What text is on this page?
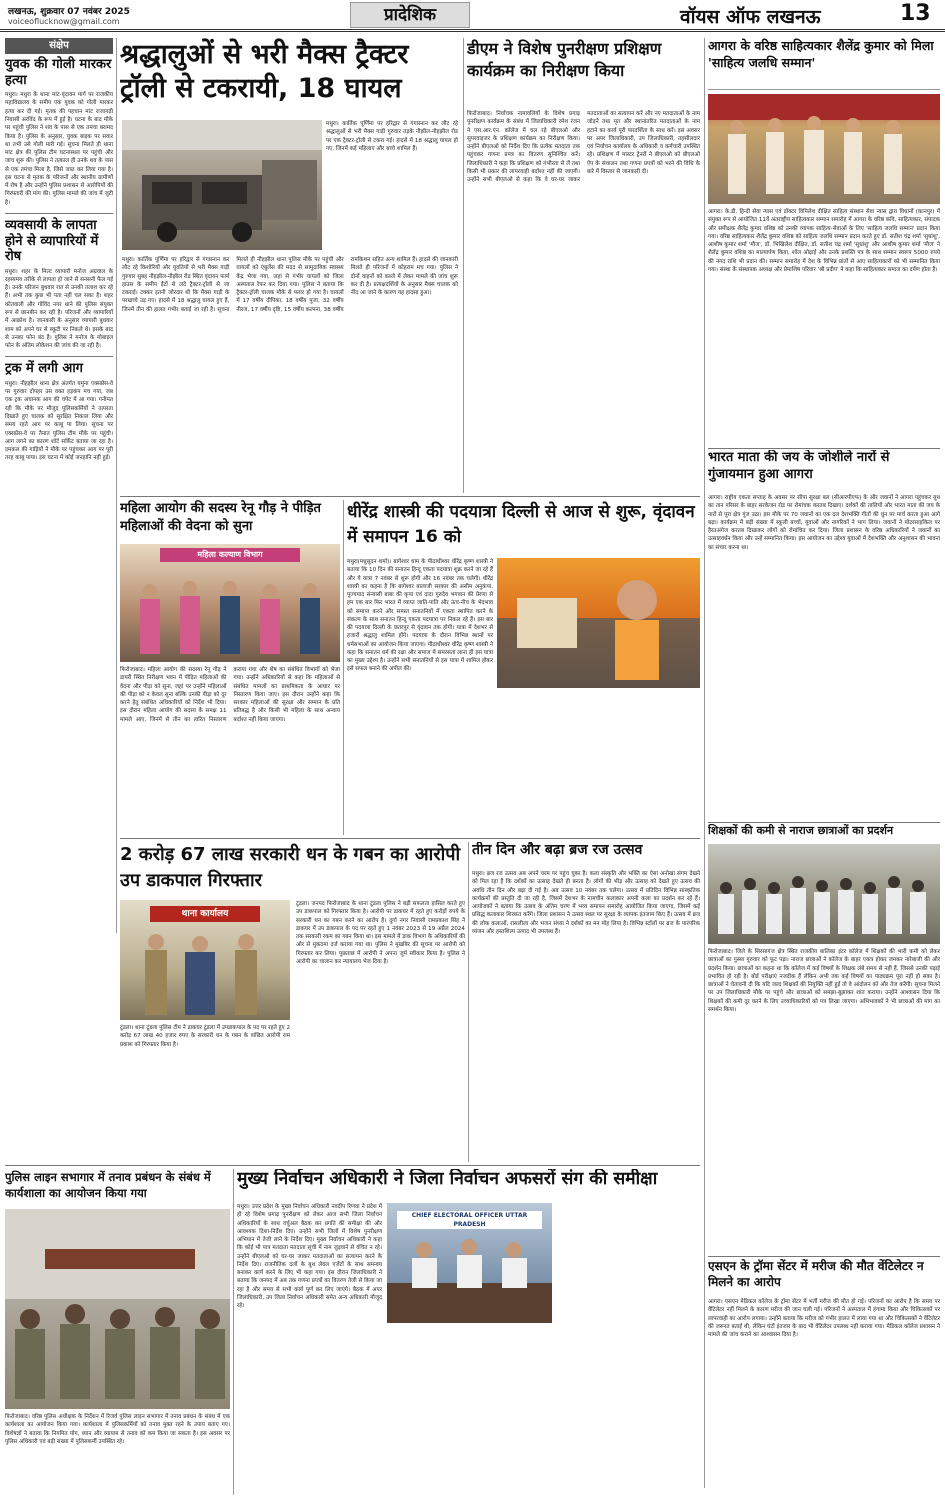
लखनऊ, शुक्रवार 07 नवंबर 2025
voiceoflucknow@gmail.com	प्रादेशिक	वॉयस ऑफ लखनऊ	13
संक्षेप
युवक की गोली मारकर हत्या
मथुरा। मथुरा के थाना मांट-वृंदावन मार्ग पर राजकीय महाविद्यालय के समीप एक युवक को गोली मारकर हत्या कर दी गई। मृतक की पहचान मांट राजागढ़ी निवासी अरविंद के रूप में हुई है। घटना के बाद मौके पर पहुंची पुलिस ने शव के पास से एक तमंचा बरामद किया है। पुलिस के अनुसार, युवक बाइक पर सवार था तभी उसे गोली मारी गई। सूचना मिलते ही थाना मांट क्षेत्र की पुलिस टीम घटनास्थल पर पहुंची और जांच शुरू की। पुलिस ने तत्काल ही उनके शव के पास से एक तमंचा मिला है, जिसे जब्त कर लिया गया है। इस घटना से मृतक के परिजनों और स्थानीय ग्रामीणों में रोष है और उन्होंने पुलिस प्रशासन से आरोपियों की गिरफ्तारी की मांग की। पुलिस मामले की जांच में जुटी है।
व्यवसायी के लापता होने से व्यापारियों में रोष
मथुरा। शहर के मिल्ट व्यापारी मनोज अग्रवाल के रहस्यमय तरीके से लापता हो जाने से सनसनी फैल गई है। उनके परिजन बुधवार रात से उनकी तलाश कर रहे हैं। अभी तक कुछ भी पता नहीं चल सका है। शहर कोतवाली और गोविंद नगर थाने की पुलिस संयुक्त रूप से छानबीन कर रही है। परिजनों और व्यापारियों में आक्रोश है। जानकारी के अनुसार व्यापारी बुधवार शाम को अपने घर से स्कूटी पर निकले थे। इसके बाद से उनका फोन बंद है। पुलिस ने मनोज के मोबाइल फोन के अंतिम लोकेशन की जांच की जा रही है।
ट्रक में लगी आग
मथुरा। नौहझील थाना क्षेत्र अंतर्गत यमुना एक्सप्रेस-वे पर गुरुवार दोपहर उस वक्त हड़कंप मच गया, जब एक ट्रक अचानक आग की चपेट में आ गया। गनीमत रही कि मौके पर मौजूद पुलिसकर्मियों ने तत्परता दिखाते हुए चालक को सुरक्षित निकाल लिया और समय रहते आग पर काबू पा लिया। सूचना पर एक्सप्रेस-वे पर तैनात पुलिस टीम मौके पर पहुंची। आग लगने का कारण शॉर्ट सर्किट बताया जा रहा है। दमकल की गाड़ियों ने मौके पर पहुंचकर आग पर पूरी तरह काबू पाया। इस घटना में कोई जनहानि नहीं हुई।
श्रद्धालुओं से भरी मैक्स ट्रैक्टर ट्रॉली से टकरायी, 18 घायल
मथुरा। कार्तिक पूर्णिमा पर हरिद्वार से गंगास्नान कर लौट रहे श्रद्धालुओं से भरी मैक्स गाड़ी गुरुवार तड़के नौझील-नौहझील रोड पर एक ट्रैक्टर-ट्रॉली से टकरा गई। हादसे में 18 श्रद्धालु घायल हो गए, जिनमें कई महिलाएं और बच्चे शामिल हैं।
मथुरा। कार्तिक पूर्णिमा पर हरिद्वार से गंगास्नान कर लौट रहे किशोरियों और युवतियों से भरी मैक्स गाड़ी गुरुवार सुबह नौहझील-नौझील रोड स्थित वृंदावन फार्म हाउस के समीप ईंटों से लदे ट्रैक्टर-ट्रॉली से जा टकराई। टक्कर इतनी जोरदार थी कि मैक्स गाड़ी के परखच्चे उड़ गए। हादसे में 18 श्रद्धालु घायल हुए हैं, जिनमें तीन की हालत गंभीर बताई जा रही है। सूचना मिलते ही नौहझील थाना पुलिस मौके पर पहुंची और घायलों को एंबुलेंस की मदद से सामुदायिक स्वास्थ्य केंद्र भेजा गया, जहां से गंभीर घायलों को जिला अस्पताल रेफर कर दिया गया। पुलिस ने बताया कि ट्रैक्टर-ट्रॉली चालक मौके से फरार हो गया है। घायलों में 17 वर्षीय दीपिका, 18 वर्षीय पूजा, 32 वर्षीय नीरज, 17 वर्षीय दृष्टि, 15 वर्षीय कल्पना, 38 वर्षीय रामकिशन सहित अन्य शामिल हैं। हादसे की जानकारी मिलते ही परिजनों में कोहराम मच गया। पुलिस ने दोनों वाहनों को कब्जे में लेकर मामले की जांच शुरू कर दी है। प्रत्यक्षदर्शियों के अनुसार मैक्स चालक को नींद आ जाने के कारण यह हादसा हुआ।
डीएम ने विशेष पुनरीक्षण प्रशिक्षण कार्यक्रम का निरीक्षण किया
फिरोजाबाद। निर्वाचक नामावलियों के विशेष प्रगाढ़ पुनरीक्षण कार्यक्रम के संबंध में जिलाधिकारी रमेश रंजन ने एस.आर.एन. कॉलेज में चल रहे बीएलओ और सुपरवाइजर के प्रशिक्षण कार्यक्रम का निरीक्षण किया। उन्होंने बीएलओ को निर्देश दिए कि प्रत्येक मतदाता तक पहुंचकर गणना प्रपत्र का वितरण सुनिश्चित करें। जिलाधिकारी ने कहा कि प्रशिक्षण को गंभीरता से लें तथा किसी भी प्रकार की लापरवाही बर्दाश्त नहीं की जाएगी। उन्होंने सभी बीएलओ से कहा कि वे घर-घर जाकर मतदाताओं का सत्यापन करें और नए मतदाताओं के नाम जोड़ने तथा मृत और स्थानांतरित मतदाताओं के नाम हटाने का कार्य पूरी पारदर्शिता के साथ करें। इस अवसर पर अपर जिलाधिकारी, उप जिलाधिकारी, तहसीलदार एवं निर्वाचन कार्यालय के अधिकारी व कर्मचारी उपस्थित रहे। प्रशिक्षण में मास्टर ट्रेनरों ने बीएलओ को बीएलओ ऐप के संचालन तथा गणना प्रपत्रों को भरने की विधि के बारे में विस्तार से जानकारी दी।
आगरा के वरिष्ठ साहित्यकार शैलेंद्र कुमार को मिला 'साहित्य जलधि सम्मान'
आगरा। के.डी. हिन्दी सेवा न्यास एवं डॉक्टर विपिलेश दीक्षित साहित्य संस्थान सेवा न्यास द्वारा विधानों (कानपुर) में संयुक्त रूप से आयोजित 11वें अंतराष्ट्रीय साहित्यकार सम्मान समारोह में आगरा के वरिष्ठ कवि, साहित्यकार, संपादक और समीक्षक शैलेंद्र कुमार वशिष्ठ को उनकी व्यापक साहित्य-सेवाओं के लिए 'साहित्य जलधि सम्मान' प्रदान किया गया। वरिष्ठ साहित्यकार शैलेंद्र कुमार वशिष्ठ को साहित्य जलधि सम्मान प्रदान करते हुए डॉ. सतीश चंद्र शर्मा 'सुधांशु', आशीष कुमार शर्मा 'मौज', डॉ. भिखिलेश दीक्षित, डॉ. सतीश चंद्र शर्मा 'सुधांशु' और आशीष कुमार शर्मा 'मौज' ने शैलेंद्र कुमार वशिष्ठ का माल्यार्पण किया, शॉल ओढ़ाई और उनके प्रशस्ति पत्र के साथ सम्मान स्वरूप 5000 रुपये की नगद राशि भी प्रदान की। सम्मान समारोह में देश के विभिन्न प्रांतों से आए साहित्यकारों को भी सम्मानित किया गया। संस्था के संस्थापक अध्यक्ष और प्रेमाशिष परिवार 'श्री प्रदीप' ने कहा कि साहित्यकार समाज का दर्पण होता है।
भारत माता की जय के जोशीले नारों से गुंजायमान हुआ आगरा
आगरा। राष्ट्रीय एकता सप्ताह के अवसर पर सीपा सुरक्षा बल (सीआरपीएफ) के और जवानों ने आगरा पहुंचकर यूथ का तान परिसर के बाहर सरकेजन रोड पर रोमांचक करतब दिखाए। दर्शकों की तालियों और भारत माता की जय के नारों से पूरा क्षेत्र गूंज उठा। इस मौके पर 70 जवानों का एक दल देशभक्ति गीतों की धुन पर मार्च करता हुआ आगे बढ़ा। कार्यक्रम में बड़ी संख्या में स्कूली बच्चों, युवाओं और नागरिकों ने भाग लिया। जवानों ने मोटरसाइकिल पर हैरतअंगेज करतब दिखाकर लोगों को रोमांचित कर दिया। जिला प्रशासन के वरिष्ठ अधिकारियों ने जवानों का उत्साहवर्धन किया और उन्हें सम्मानित किया। इस आयोजन का उद्देश्य युवाओं में देशभक्ति और अनुशासन की भावना का संचार करना था।
शिक्षकों की कमी से नाराज छात्राओं का प्रदर्शन
फिरोजाबाद। जिले के सिरसागंज क्षेत्र स्थित राजकीय बालिका इंटर कॉलेज में शिक्षकों की भारी कमी को लेकर छात्राओं का गुस्सा गुरुवार को फूट पड़ा। नाराज छात्राओं ने कॉलेज के बाहर एकत्र होकर जमकर नारेबाजी की और प्रदर्शन किया। छात्राओं का कहना था कि कॉलेज में कई विषयों के शिक्षक लंबे समय से नहीं हैं, जिससे उनकी पढ़ाई प्रभावित हो रही है। बोर्ड परीक्षाएं नजदीक हैं लेकिन अभी तक कई विषयों का पाठ्यक्रम पूरा नहीं हो सका है। छात्राओं ने चेतावनी दी कि यदि जल्द शिक्षकों की नियुक्ति नहीं हुई तो वे आंदोलन को और तेज करेंगी। सूचना मिलने पर उप जिलाधिकारी मौके पर पहुंचे और छात्राओं को समझा-बुझाकर शांत कराया। उन्होंने आश्वासन दिया कि शिक्षकों की कमी दूर करने के लिए उच्चाधिकारियों को पत्र लिखा जाएगा। अभिभावकों ने भी छात्राओं की मांग का समर्थन किया।
एसएन के ट्रॉमा सेंटर में मरीज की मौत वेंटिलेटर न मिलने का आरोप
आगरा। एसएन मेडिकल कॉलेज के ट्रॉमा सेंटर में भर्ती मरीज की मौत हो गई। परिजनों का आरोप है कि समय पर वेंटिलेटर नहीं मिलने के कारण मरीज की जान चली गई। परिजनों ने अस्पताल में हंगामा किया और चिकित्सकों पर लापरवाही का आरोप लगाया। उन्होंने बताया कि मरीज को गंभीर हालत में लाया गया था और चिकित्सकों ने वेंटिलेटर की जरूरत बताई थी, लेकिन घंटों इंतजार के बाद भी वेंटिलेटर उपलब्ध नहीं कराया गया। मेडिकल कॉलेज प्रशासन ने मामले की जांच कराने का आश्वासन दिया है।
महिला आयोग की सदस्य रेनू गौड़ ने पीड़ित महिलाओं की वेदना को सुना
महिला कल्याण विभाग
फिरोजाबाद। महिला आयोग की सदस्या रेनू गौड़ ने डायरी स्थित निरीक्षण भवन में पीड़ित महिलाओं की वेदना और पीड़ा को सुना, जहां पर उन्होंने महिलाओं की पीड़ा को न केवल सुना बल्कि उनकी पीड़ा को दूर करने हेतु संबंधित अधिकारियों को निर्देश भी दिया। इस दौरान महिला आयोग की सदस्य के समक्ष 11 मामले आए, जिनमें से तीन का त्वरित निस्तारण कराया गया और शेष का संबंधित विभागों को भेजा गया। उन्होंने अधिकारियों से कहा कि महिलाओं से संबंधित मामलों का प्राथमिकता के आधार पर निस्तारण किया जाए। इस दौरान उन्होंने कहा कि सरकार महिलाओं की सुरक्षा और सम्मान के प्रति प्रतिबद्ध है और किसी भी महिला के साथ अन्याय बर्दाश्त नहीं किया जाएगा।
धीरेंद्र शास्त्री की पदयात्रा दिल्ली से आज से शुरू, वृंदावन में समापन 16 को
मथुरा(मधुसूदन शर्मा)। बागेश्वर धाम के पीठाधीश्वर धीरेंद्र कृष्ण शास्त्री ने बताया कि 10 दिन की सनातन हिन्दू एकता पदयात्रा शुक्र करने जा रहे हैं और ये यात्रा 7 नवंबर से शुरू होगी और 16 नवंबर तक चलेगी। धीरेंद्र शास्त्री का कहना है कि बागेश्वर बालाजी सरकार की असीम अनुकंपा, पूज्यपाद संन्यासी बाबा की कृपा एवं दादा गुरुदेव भगवान की प्रेरणा से हम एक बार फिर भारत में व्याप्त जाति-पाति और ऊंच-नीच के भेदभाव को समाप्त करने और समस्त सनातनियों में एकता स्थापित करने के संकल्प के साथ सनातन हिन्दू एकता पदयात्रा पर निकल रहे हैं। इस बार की पदयात्रा दिल्ली के छतरपुर से वृंदावन तक होगी। यात्रा में देशभर से हजारों श्रद्धालु शामिल होंगे। पदयात्रा के दौरान विभिन्न स्थानों पर धर्मसभाओं का आयोजन किया जाएगा। पीठाधीश्वर धीरेंद्र कृष्ण शास्त्री ने कहा कि सनातन धर्म की रक्षा और समाज में समरसता लाना ही इस यात्रा का मुख्य उद्देश्य है। उन्होंने सभी सनातनियों से इस यात्रा में शामिल होकर इसे सफल बनाने की अपील की।
2 करोड़ 67 लाख सरकारी धन के गबन का आरोपी उप डाकपाल गिरफ्तार
थाना कार्यालय
टूंडला। थाना टूंडला पुलिस टीम ने डाकघर टूंडला में उपडाकपाल के पद पर रहते हुए 2 करोड़ 67 लाख 40 हजार रुपए के सरकारी धन के गबन के वांछित आरोपी राम प्रकाश को गिरफ्तार किया है।
टूंडला। जनपद फिरोजाबाद के थाना टूंडला पुलिस ने बड़ी सफलता हासिल करते हुए उप डाकपाल को गिरफ्तार किया है। आरोपी पर डाकघर में रहते हुए करोड़ों रुपये के सरकारी धन का गबन करने का आरोप है। दुर्गा नगर निवासी रामप्रकाश सिंह ने डाकघर में उप डाकपाल के पद पर रहते हुए 1 नवंबर 2023 से 19 अप्रैल 2024 तक सरकारी रकम का गबन किया था। इस मामले में डाक विभाग के अधिकारियों की ओर से मुकदमा दर्ज कराया गया था। पुलिस ने मुखबिर की सूचना पर आरोपी को गिरफ्तार कर लिया। पूछताछ में आरोपी ने अपना जुर्म स्वीकार किया है। पुलिस ने आरोपी का चालान कर न्यायालय भेज दिया है।
तीन दिन और बढ़ा ब्रज रज उत्सव
मथुरा। ब्रज रज उत्सव अब अपने चरम पर पहुंच चुका है। कला संस्कृति और भक्ति का ऐसा अनोखा संगम देखने को मिल रहा है कि दर्शकों का उत्साह देखते ही बनता है। लोगों की भीड़ और उत्साह को देखते हुए उत्सव की अवधि तीन दिन और बढ़ा दी गई है। अब उत्सव 10 नवंबर तक चलेगा। उत्सव में प्रतिदिन विभिन्न सांस्कृतिक कार्यक्रमों की प्रस्तुति दी जा रही है, जिसमें देशभर के नामचीन कलाकार अपनी कला का प्रदर्शन कर रहे हैं। आयोजकों ने बताया कि उत्सव के अंतिम चरण में भव्य समापन समारोह आयोजित किया जाएगा, जिसमें कई प्रसिद्ध कलाकार शिरकत करेंगे। जिला प्रशासन ने उत्सव स्थल पर सुरक्षा के व्यापक इंतजाम किए हैं। उत्सव में ब्रज की लोक कलाओं, रासलीला और भजन संध्या ने दर्शकों का मन मोह लिया है। विभिन्न स्टॉलों पर ब्रज के पारंपरिक व्यंजन और हस्तशिल्प उत्पाद भी उपलब्ध हैं।
पुलिस लाइन सभागार में तनाव प्रबंधन के संबंध में कार्यशाला का आयोजन किया गया
फिरोजाबाद। वरिष्ठ पुलिस अधीक्षक के निर्देशन में रिजर्व पुलिस लाइन सभागार में तनाव प्रबंधन के संबंध में एक कार्यशाला का आयोजन किया गया। कार्यशाला में पुलिसकर्मियों को तनाव मुक्त रहने के उपाय बताए गए। विशेषज्ञों ने बताया कि नियमित योग, ध्यान और व्यायाम से तनाव को कम किया जा सकता है। इस अवसर पर पुलिस अधिकारी एवं बड़ी संख्या में पुलिसकर्मी उपस्थित रहे।
मुख्य निर्वाचन अधिकारी ने जिला निर्वाचन अफसरों संग की समीक्षा
CHIEF ELECTORAL OFFICER UTTAR PRADESH
मथुरा। उत्तर प्रदेश के मुख्य निर्वाचन अधिकारी नवदीप रिणवा ने प्रदेश में हो रहे विशेष प्रगाढ़ पुनरीक्षण को लेकर आज सभी जिला निर्वाचन अधिकारियों के साथ वर्चुअल बैठक कर प्रगति की समीक्षा की और आवश्यक दिशा-निर्देश दिए। उन्होंने सभी जिलों में विशेष पुनरीक्षण अभियान में तेजी लाने के निर्देश दिए। मुख्य निर्वाचन अधिकारी ने कहा कि कोई भी पात्र मतदाता मतदाता सूची में नाम जुड़वाने से वंचित न रहे। उन्होंने बीएलओ को घर-घर जाकर मतदाताओं का सत्यापन करने के निर्देश दिए। राजनीतिक दलों के बूथ लेवल एजेंटों के साथ समन्वय बनाकर कार्य करने के लिए भी कहा गया। इस दौरान जिलाधिकारी ने बताया कि जनपद में अब तक गणना प्रपत्रों का वितरण तेजी से किया जा रहा है और समय से सभी कार्य पूर्ण कर लिए जाएंगे। बैठक में अपर जिलाधिकारी, उप जिला निर्वाचन अधिकारी समेत अन्य अधिकारी मौजूद रहे।
